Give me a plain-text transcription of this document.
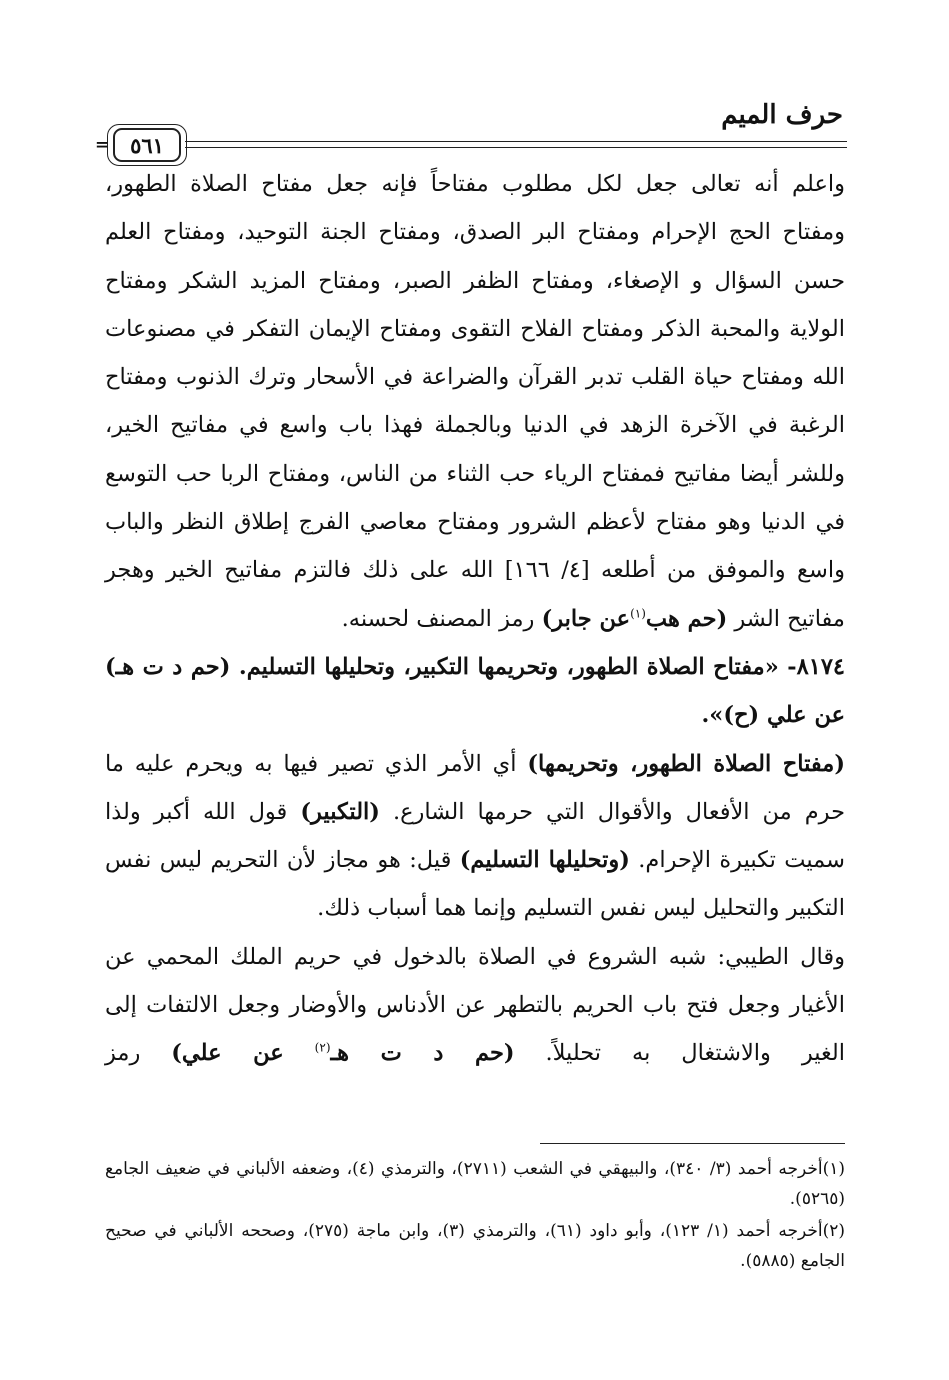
حرف الميم
٥٦١
=

واعلم أنه تعالى جعل لكل مطلوب مفتاحاً فإنه جعل مفتاح الصلاة الطهور، ومفتاح الحج الإحرام ومفتاح البر الصدق، ومفتاح الجنة التوحيد، ومفتاح العلم حسن السؤال و الإصغاء، ومفتاح الظفر الصبر، ومفتاح المزيد الشكر ومفتاح الولاية والمحبة الذكر ومفتاح الفلاح التقوى ومفتاح الإيمان التفكر في مصنوعات الله ومفتاح حياة القلب تدبر القرآن والضراعة في الأسحار وترك الذنوب ومفتاح الرغبة في الآخرة الزهد في الدنيا وبالجملة فهذا باب واسع في مفاتيح الخير، وللشر أيضا مفاتيح فمفتاح الرياء حب الثناء من الناس، ومفتاح الربا حب التوسع في الدنيا وهو مفتاح لأعظم الشرور ومفتاح معاصي الفرج إطلاق النظر والباب واسع والموفق من أطلعه [٤/ ١٦٦] الله على ذلك فالتزم مفاتيح الخير وهجر مفاتيح الشر (حم هب$^{(١)}$عن جابر) رمز المصنف لحسنه.

٨١٧٤- «مفتاح الصلاة الطهور، وتحريمها التكبير، وتحليلها التسليم. (حم د ت هـ) عن علي (ح)».

(مفتاح الصلاة الطهور، وتحريمها) أي الأمر الذي تصير فيها به ويحرم عليه ما حرم من الأفعال والأقوال التي حرمها الشارع. (التكبير) قول الله أكبر ولذا سميت تكبيرة الإحرام. (وتحليلها التسليم) قيل: هو مجاز لأن التحريم ليس نفس التكبير والتحليل ليس نفس التسليم وإنما هما أسباب ذلك.

وقال الطيبي: شبه الشروع في الصلاة بالدخول في حريم الملك المحمي عن الأغيار وجعل فتح باب الحريم بالتطهر عن الأدناس والأوضار وجعل الالتفات إلى الغير والاشتغال به تحليلاً. (حم د ت هـ$^{(٢)}$ عن علي) رمز

(١)أخرجه أحمد (٣/ ٣٤٠)، والبيهقي في الشعب (٢٧١١)، والترمذي (٤)، وضعفه الألباني في ضعيف الجامع (٥٢٦٥).

(٢)أخرجه أحمد (١/ ١٢٣)، وأبو داود (٦١)، والترمذي (٣)، وابن ماجة (٢٧٥)، وصححه الألباني في صحيح الجامع (٥٨٨٥).
